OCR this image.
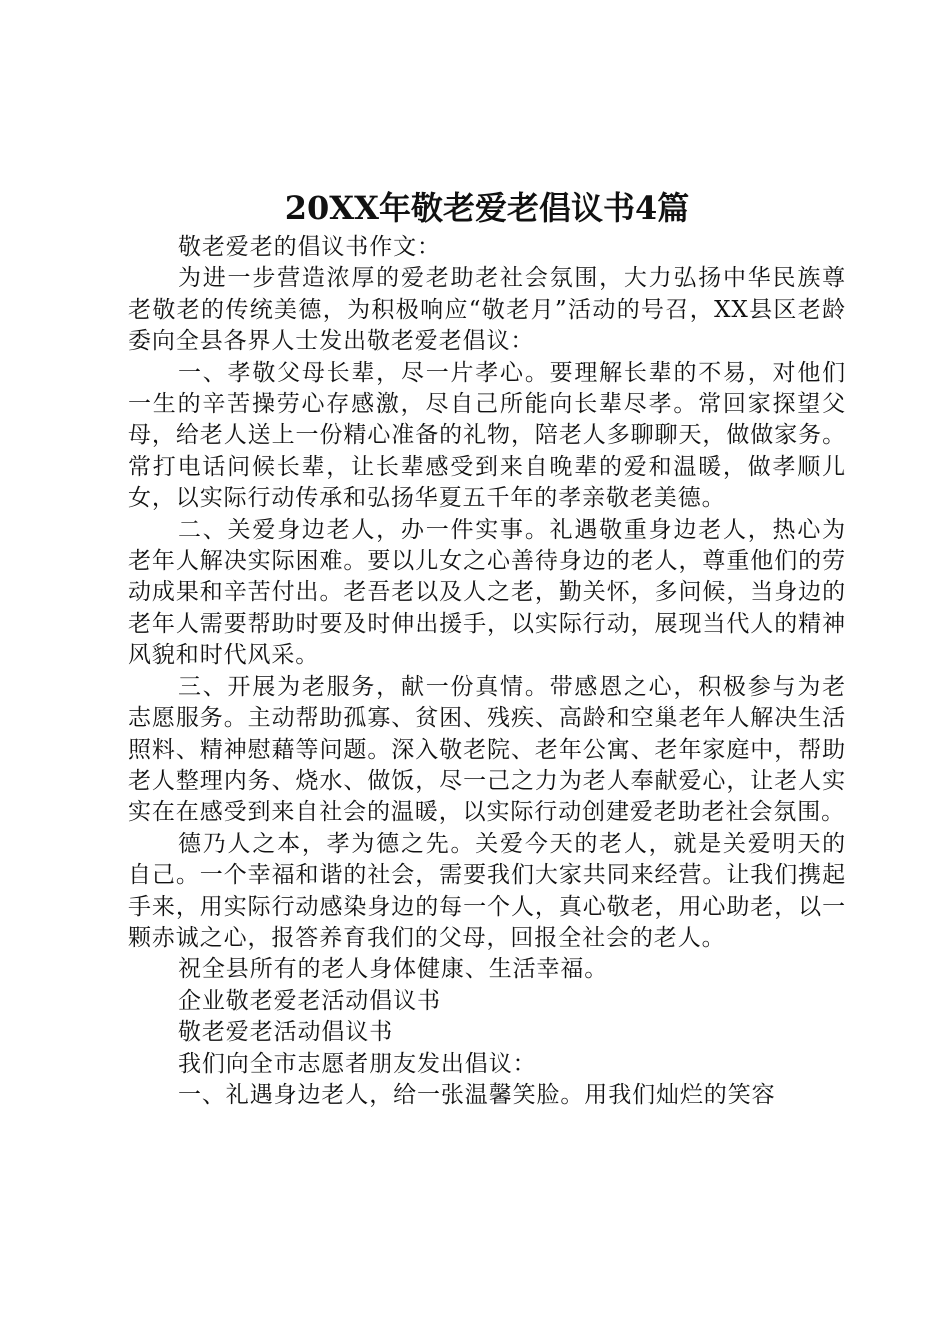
20XX年敬老爱老倡议书4篇

敬老爱老的倡议书作文：

为进一步营造浓厚的爱老助老社会氛围，大力弘扬中华民族尊老敬老的传统美德，为积极响应“敬老月”活动的号召，XX县区老龄委向全县各界人士发出敬老爱老倡议：

一、孝敬父母长辈，尽一片孝心。要理解长辈的不易，对他们一生的辛苦操劳心存感激，尽自己所能向长辈尽孝。常回家探望父母，给老人送上一份精心准备的礼物，陪老人多聊聊天，做做家务。常打电话问候长辈，让长辈感受到来自晚辈的爱和温暖，做孝顺儿女，以实际行动传承和弘扬华夏五千年的孝亲敬老美德。

二、关爱身边老人，办一件实事。礼遇敬重身边老人，热心为老年人解决实际困难。要以儿女之心善待身边的老人，尊重他们的劳动成果和辛苦付出。老吾老以及人之老，勤关怀，多问候，当身边的老年人需要帮助时要及时伸出援手，以实际行动，展现当代人的精神风貌和时代风采。

三、开展为老服务，献一份真情。带感恩之心，积极参与为老志愿服务。主动帮助孤寡、贫困、残疾、高龄和空巢老年人解决生活照料、精神慰藉等问题。深入敬老院、老年公寓、老年家庭中，帮助老人整理内务、烧水、做饭，尽一己之力为老人奉献爱心，让老人实实在在感受到来自社会的温暖，以实际行动创建爱老助老社会氛围。

德乃人之本，孝为德之先。关爱今天的老人，就是关爱明天的自己。一个幸福和谐的社会，需要我们大家共同来经营。让我们携起手来，用实际行动感染身边的每一个人，真心敬老，用心助老，以一颗赤诚之心，报答养育我们的父母，回报全社会的老人。

祝全县所有的老人身体健康、生活幸福。

企业敬老爱老活动倡议书

敬老爱老活动倡议书

我们向全市志愿者朋友发出倡议：

一、礼遇身边老人，给一张温馨笑脸。用我们灿烂的笑容
